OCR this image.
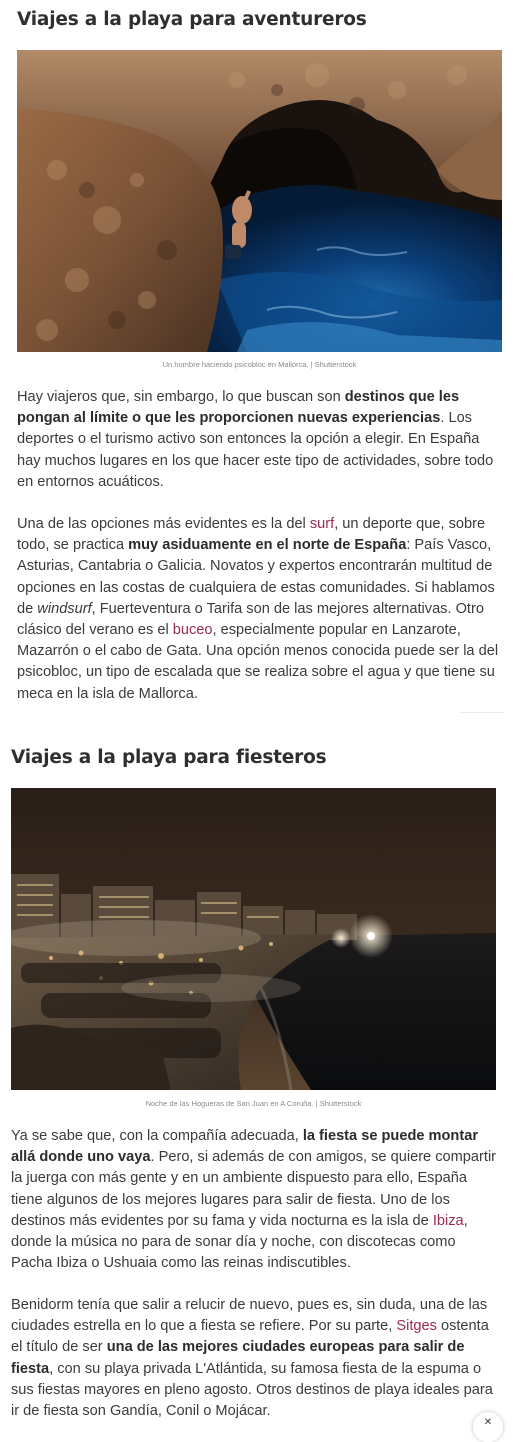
Viajes a la playa para aventureros
Un hombre haciendo psicobloc en Mallorca. | Shutterstock

Hay viajeros que, sin embargo, lo que buscan son destinos que les pongan al límite o que les proporcionen nuevas experiencias. Los deportes o el turismo activo son entonces la opción a elegir. En España hay muchos lugares en los que hacer este tipo de actividades, sobre todo en entornos acuáticos.

Una de las opciones más evidentes es la del surf, un deporte que, sobre todo, se practica muy asiduamente en el norte de España: País Vasco, Asturias, Cantabria o Galicia. Novatos y expertos encontrarán multitud de opciones en las costas de cualquiera de estas comunidades. Si hablamos de windsurf, Fuerteventura o Tarifa son de las mejores alternativas. Otro clásico del verano es el buceo, especialmente popular en Lanzarote, Mazarrón o el cabo de Gata. Una opción menos conocida puede ser la del psicobloc, un tipo de escalada que se realiza sobre el agua y que tiene su meca en la isla de Mallorca.

Viajes a la playa para fiesteros
Noche de las Hogueras de San Juan en A Coruña. | Shutterstock

Ya se sabe que, con la compañía adecuada, la fiesta se puede montar allá donde uno vaya. Pero, si además de con amigos, se quiere compartir la juerga con más gente y en un ambiente dispuesto para ello, España tiene algunos de los mejores lugares para salir de fiesta. Uno de los destinos más evidentes por su fama y vida nocturna es la isla de Ibiza, donde la música no para de sonar día y noche, con discotecas como Pacha Ibiza o Ushuaia como las reinas indiscutibles.

Benidorm tenía que salir a relucir de nuevo, pues es, sin duda, una de las ciudades estrella en lo que a fiesta se refiere. Por su parte, Sitges ostenta el título de ser una de las mejores ciudades europeas para salir de fiesta, con su playa privada L'Atlántida, su famosa fiesta de la espuma o sus fiestas mayores en pleno agosto. Otros destinos de playa ideales para ir de fiesta son Gandía, Conil o Mojácar.

✕
